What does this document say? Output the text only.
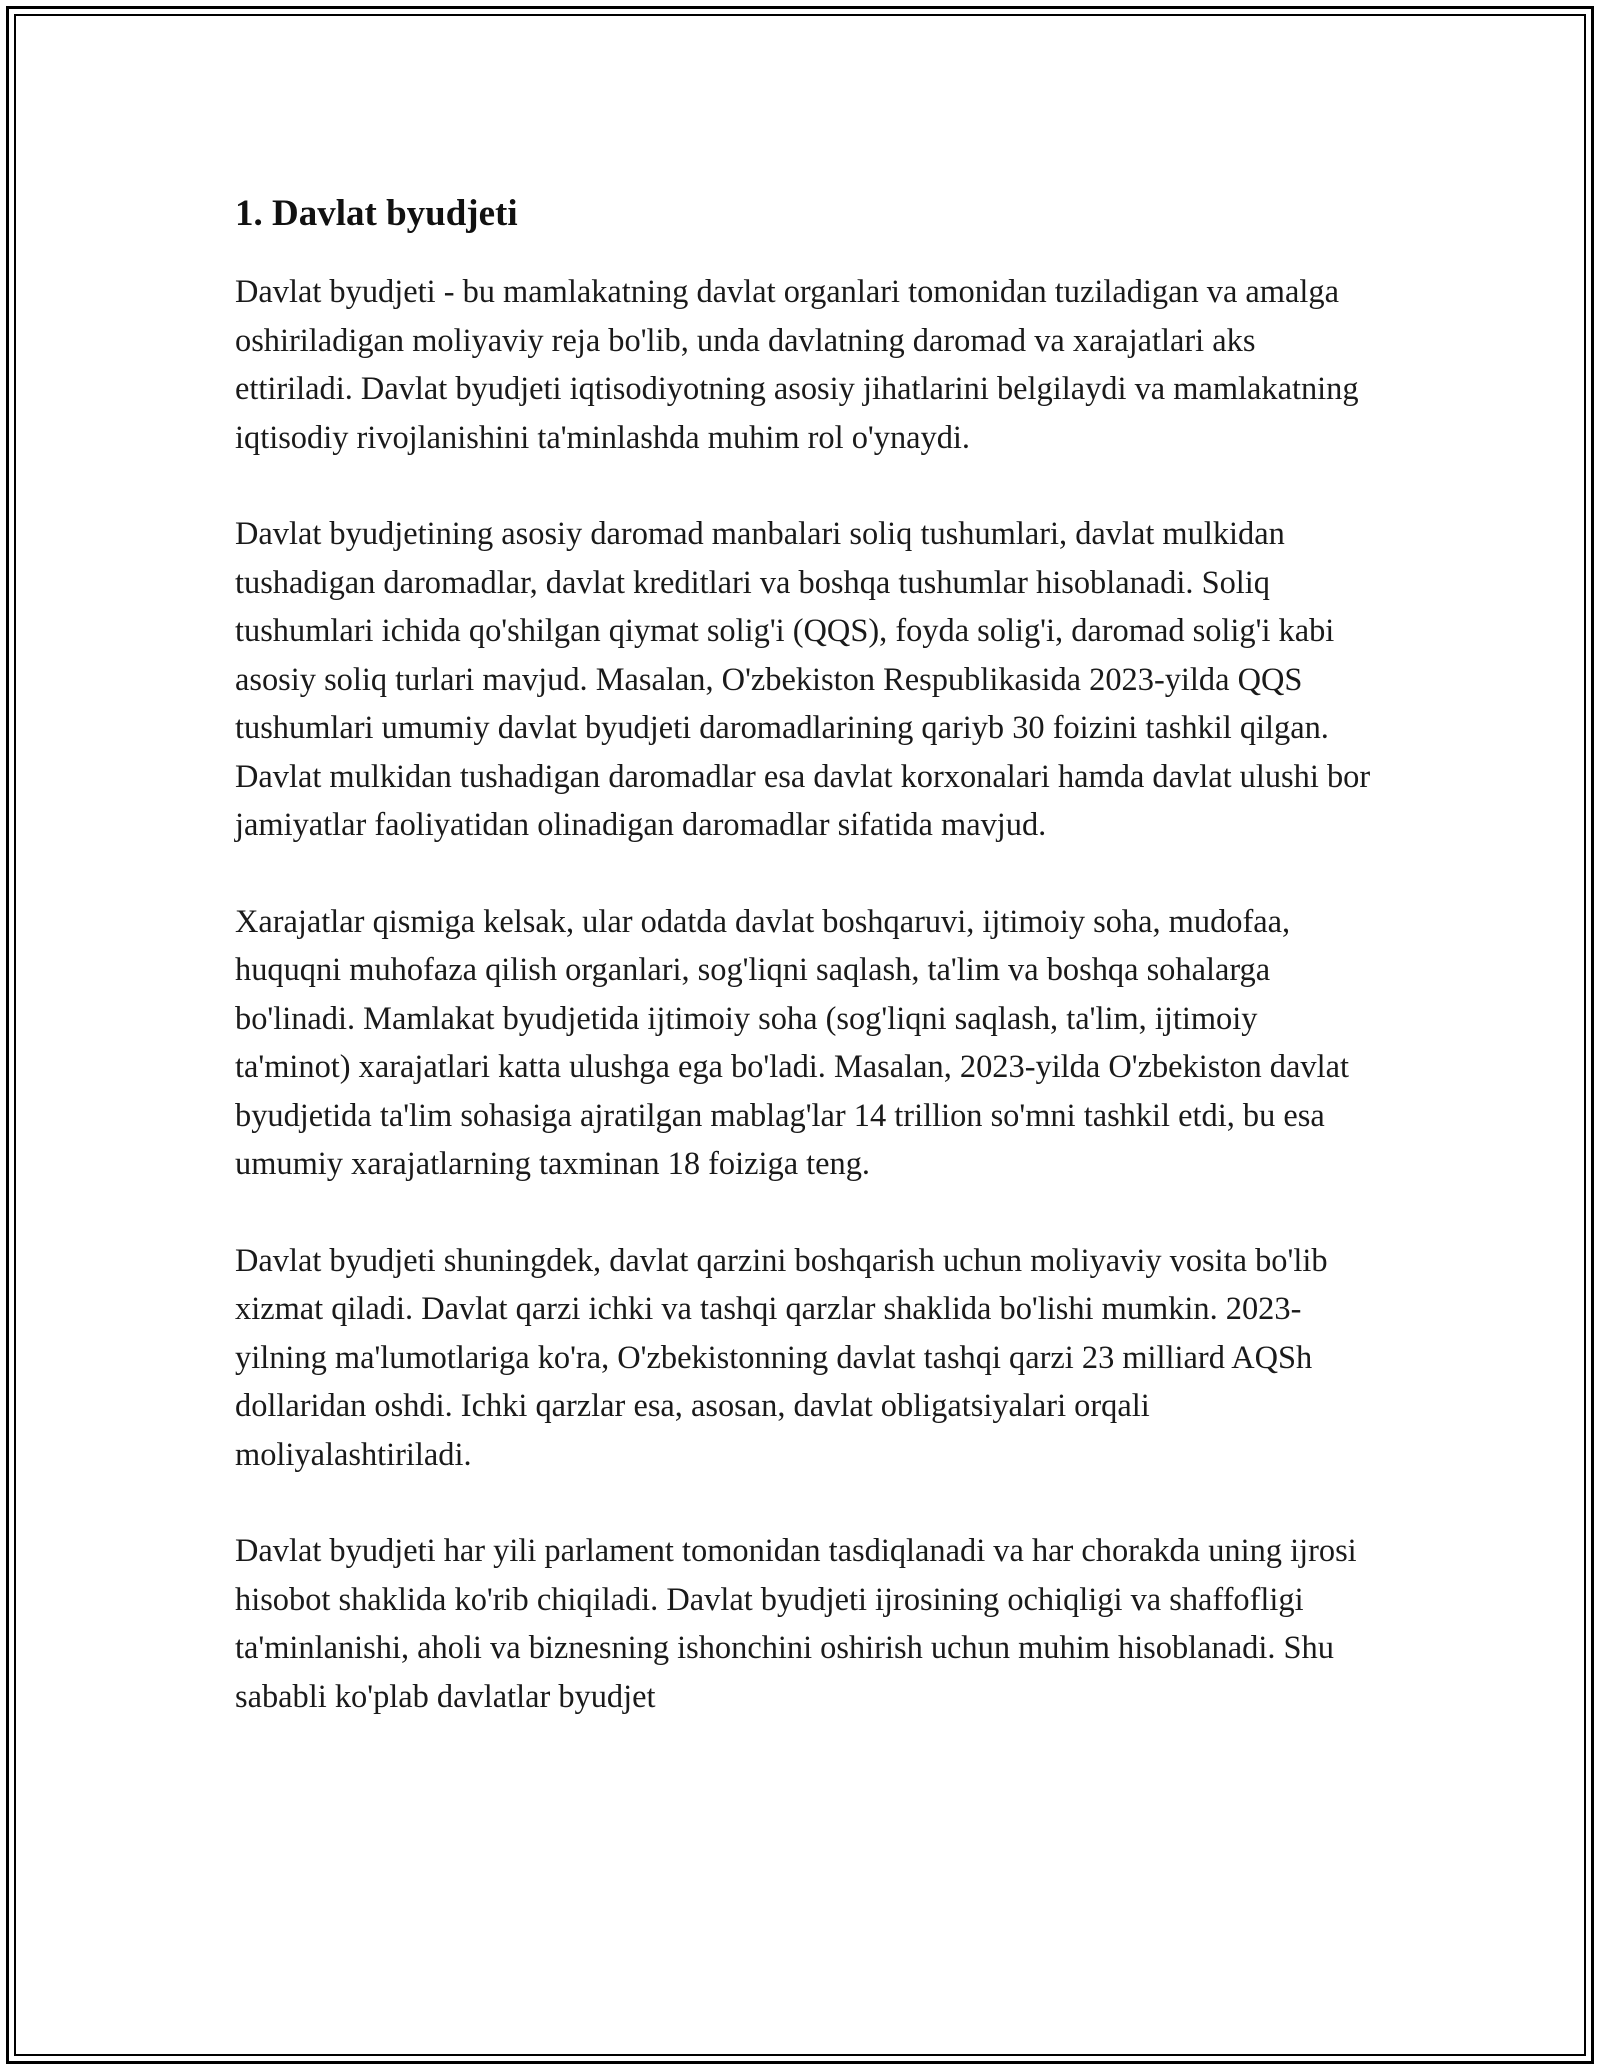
1. Davlat byudjeti

Davlat byudjeti - bu mamlakatning davlat organlari tomonidan tuziladigan va amalga oshiriladigan moliyaviy reja bo'lib, unda davlatning daromad va xarajatlari aks ettiriladi. Davlat byudjeti iqtisodiyotning asosiy jihatlarini belgilaydi va mamlakatning iqtisodiy rivojlanishini ta'minlashda muhim rol o'ynaydi.

Davlat byudjetining asosiy daromad manbalari soliq tushumlari, davlat mulkidan tushadigan daromadlar, davlat kreditlari va boshqa tushumlar hisoblanadi. Soliq tushumlari ichida qo'shilgan qiymat solig'i (QQS), foyda solig'i, daromad solig'i kabi asosiy soliq turlari mavjud. Masalan, O'zbekiston Respublikasida 2023-yilda QQS tushumlari umumiy davlat byudjeti daromadlarining qariyb 30 foizini tashkil qilgan. Davlat mulkidan tushadigan daromadlar esa davlat korxonalari hamda davlat ulushi bor jamiyatlar faoliyatidan olinadigan daromadlar sifatida mavjud.

Xarajatlar qismiga kelsak, ular odatda davlat boshqaruvi, ijtimoiy soha, mudofaa, huquqni muhofaza qilish organlari, sog'liqni saqlash, ta'lim va boshqa sohalarga bo'linadi. Mamlakat byudjetida ijtimoiy soha (sog'liqni saqlash, ta'lim, ijtimoiy ta'minot) xarajatlari katta ulushga ega bo'ladi. Masalan, 2023-yilda O'zbekiston davlat byudjetida ta'lim sohasiga ajratilgan mablag'lar 14 trillion so'mni tashkil etdi, bu esa umumiy xarajatlarning taxminan 18 foiziga teng.

Davlat byudjeti shuningdek, davlat qarzini boshqarish uchun moliyaviy vosita bo'lib xizmat qiladi. Davlat qarzi ichki va tashqi qarzlar shaklida bo'lishi mumkin. 2023-yilning ma'lumotlariga ko'ra, O'zbekistonning davlat tashqi qarzi 23 milliard AQSh dollaridan oshdi. Ichki qarzlar esa, asosan, davlat obligatsiyalari orqali moliyalashtiriladi.

Davlat byudjeti har yili parlament tomonidan tasdiqlanadi va har chorakda uning ijrosi hisobot shaklida ko'rib chiqiladi. Davlat byudjeti ijrosining ochiqligi va shaffofligi ta'minlanishi, aholi va biznesning ishonchini oshirish uchun muhim hisoblanadi. Shu sababli ko'plab davlatlar byudjet
